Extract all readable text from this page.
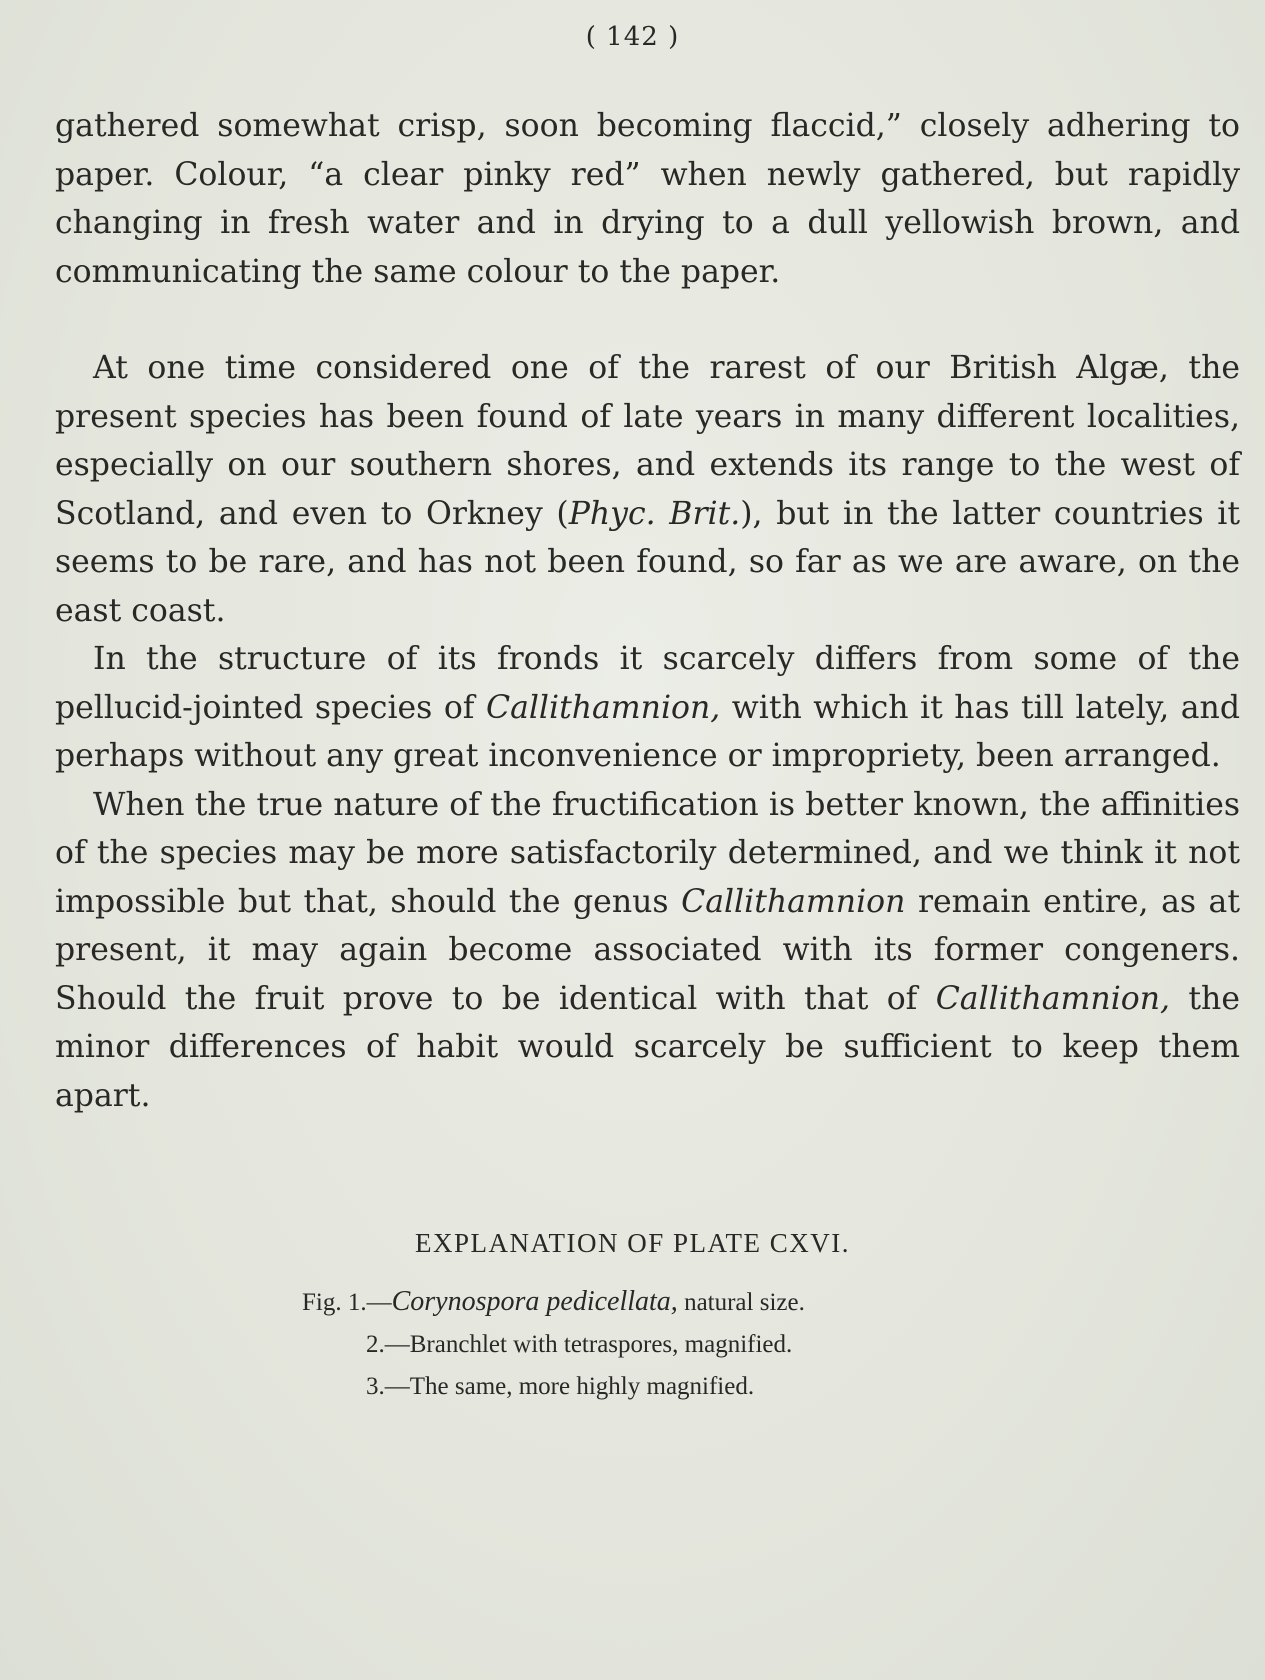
( 142 )

gathered somewhat crisp, soon becoming flaccid,” closely adhering to paper. Colour, “a clear pinky red” when newly gathered, but rapidly changing in fresh water and in drying to a dull yellowish brown, and communicating the same colour to the paper.

At one time considered one of the rarest of our British Algæ, the present species has been found of late years in many different localities, especially on our southern shores, and extends its range to the west of Scotland, and even to Orkney (Phyc. Brit.), but in the latter countries it seems to be rare, and has not been found, so far as we are aware, on the east coast.

In the structure of its fronds it scarcely differs from some of the pellucid-jointed species of Callithamnion, with which it has till lately, and perhaps without any great inconvenience or impropriety, been arranged.

When the true nature of the fructification is better known, the affinities of the species may be more satisfactorily determined, and we think it not impossible but that, should the genus Callithamnion remain entire, as at present, it may again become associated with its former congeners. Should the fruit prove to be identical with that of Callithamnion, the minor differences of habit would scarcely be sufficient to keep them apart.

EXPLANATION OF PLATE CXVI.

Fig. 1.—Corynospora pedicellata, natural size.

2.—Branchlet with tetraspores, magnified.

3.—The same, more highly magnified.
